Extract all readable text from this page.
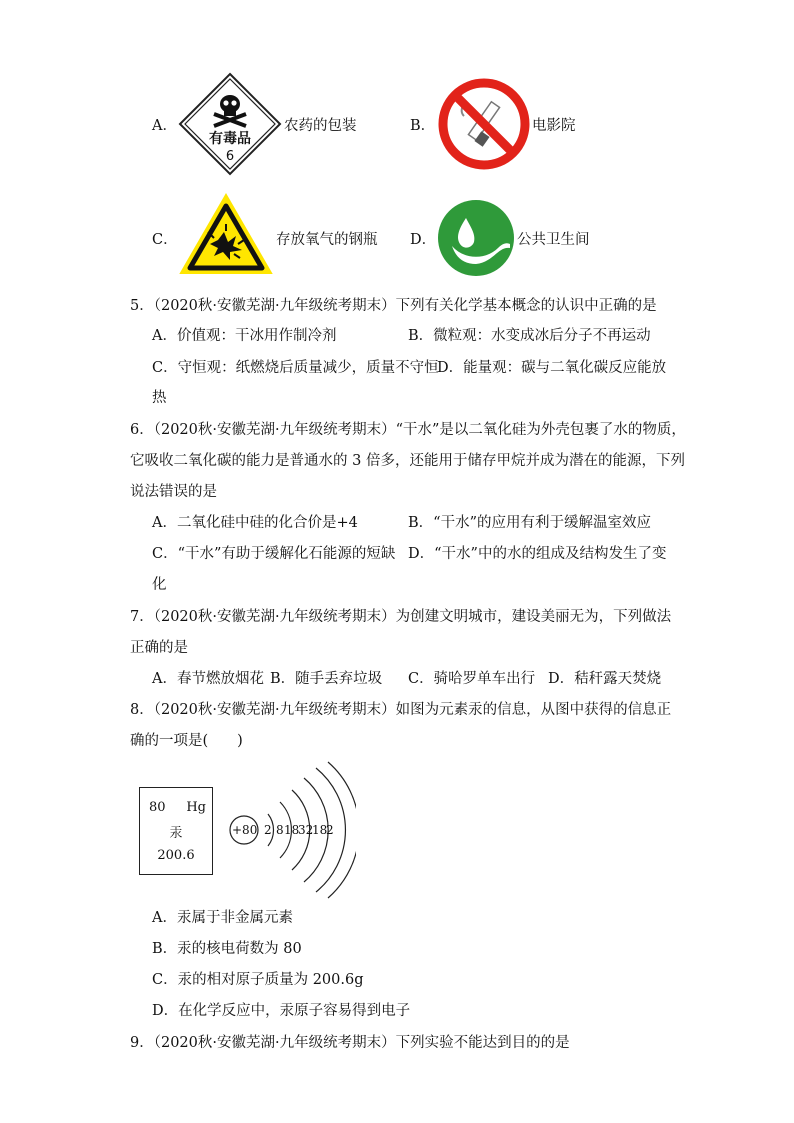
A．
有毒品
6
农药的包装	B．	电影院
C．	存放氧气的钢瓶 D．	公共卫生间
5．（2020秋·安徽芜湖·九年级统考期末）下列有关化学基本概念的认识中正确的是
A．价值观：干冰用作制冷剂	B．微粒观：水变成冰后分子不再运动
C．守恒观：纸燃烧后质量减少，质量不守恒
D．能量观：碳与二氧化碳反应能放
热
6．（2020秋·安徽芜湖·九年级统考期末）“干水”是以二氧化硅为外壳包裹了水的物质，
它吸收二氧化碳的能力是普通水的 3 倍多，还能用于储存甲烷并成为潜在的能源，下列
说法错误的是
A．二氧化硅中硅的化合价是+4	B．“干水”的应用有利于缓解温室效应
C．“干水”有助于缓解化石能源的短缺 D．“干水”中的水的组成及结构发生了变
化
7．（2020秋·安徽芜湖·九年级统考期末）为创建文明城市，建设美丽无为，下列做法
正确的是
A．春节燃放烟花 B．随手丢弃垃圾 C．骑哈罗单车出行 D．秸秆露天焚烧
8．（2020秋·安徽芜湖·九年级统考期末）如图为元素汞的信息，从图中获得的信息正
确的一项是(　　)
80 Hg
汞
200.6
+80 2 8 18
32
18
2
A．汞属于非金属元素
B．汞的核电荷数为 80
C．汞的相对原子质量为 200.6g
D．在化学反应中，汞原子容易得到电子
9．（2020秋·安徽芜湖·九年级统考期末）下列实验不能达到目的的是
